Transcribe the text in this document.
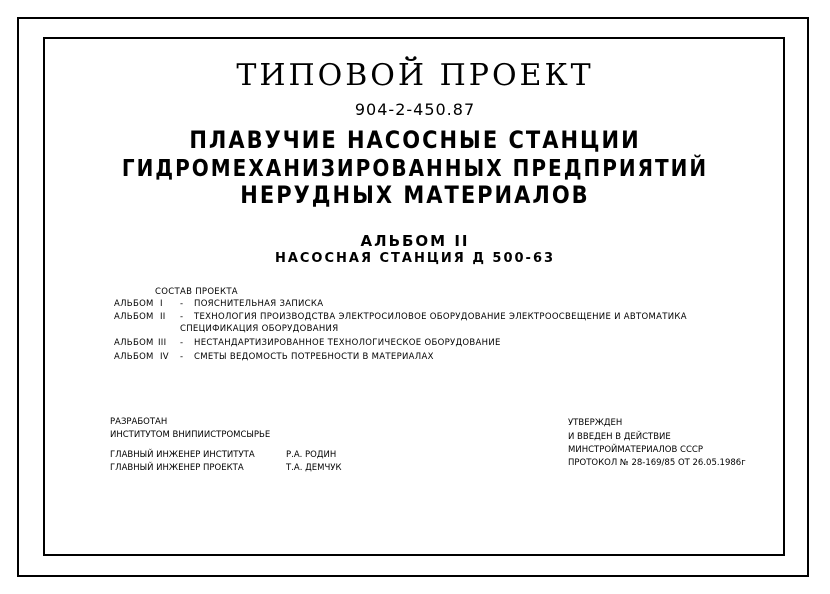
ТИПОВОЙ ПРОЕКТ
904-2-450.87
ПЛАВУЧИЕ НАСОСНЫЕ СТАНЦИИ
ГИДРОМЕХАНИЗИРОВАННЫХ ПРЕДПРИЯТИЙ
НЕРУДНЫХ МАТЕРИАЛОВ
АЛЬБОМ II
НАСОСНАЯ СТАНЦИЯ Д 500-63
СОСТАВ ПРОЕКТА
АЛЬБОМ I - ПОЯСНИТЕЛЬНАЯ ЗАПИСКА
АЛЬБОМ II - ТЕХНОЛОГИЯ ПРОИЗВОДСТВА ЭЛЕКТРОСИЛОВОЕ ОБОРУДОВАНИЕ ЭЛЕКТРООСВЕЩЕНИЕ И АВТОМАТИКА
СПЕЦИФИКАЦИЯ ОБОРУДОВАНИЯ
АЛЬБОМ III - НЕСТАНДАРТИЗИРОВАННОЕ ТЕХНОЛОГИЧЕСКОЕ ОБОРУДОВАНИЕ
АЛЬБОМ IV - СМЕТЫ ВЕДОМОСТЬ ПОТРЕБНОСТИ В МАТЕРИАЛАХ
РАЗРАБОТАН
ИНСТИТУТОМ ВНИПИИСТРОМСЫРЬЕ
ГЛАВНЫЙ ИНЖЕНЕР ИНСТИТУТА	Р.А. РОДИН
ГЛАВНЫЙ ИНЖЕНЕР ПРОЕКТА	Т.А. ДЕМЧУК
УТВЕРЖДЕН
И ВВЕДЕН В ДЕЙСТВИЕ
МИНСТРОЙМАТЕРИАЛОВ СССР
ПРОТОКОЛ № 28-169/85 ОТ 26.05.1986г
